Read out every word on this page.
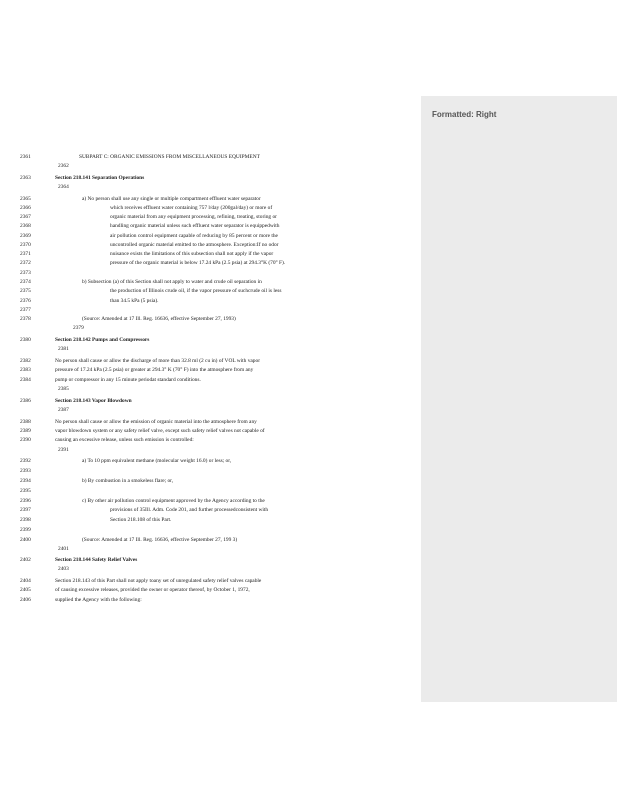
2361	SUBPART C: ORGANIC EMISSIONS FROM MISCELLANEOUS EQUIPMENT
2362
2363	Section 218.141 Separation Operations
2364
2365	a) No person shall use any single or multiple compartment effluent water separator
2366	which receives effluent water containing 757 l/day (200gal/day) or more of
2367	organic material from any equipment processing, refining, treating, storing or
2368	handling organic material unless such effluent water separator is equippedwith
2369	air pollution control equipment capable of reducing by 85 percent or more the
2370	uncontrolled organic material emitted to the atmosphere. Exception:If no odor
2371	nuisance exists the limitations of this subsection shall not apply if the vapor
2372	pressure of the organic material is below 17.24 kPa (2.5 psia) at 294.3°K (70° F).
2373
2374	b) Subsection (a) of this Section shall not apply to water and crude oil separation in
2375	the production of Illinois crude oil, if the vapor pressure of suchcrude oil is less
2376	than 34.5 kPa (5 psia).
2377
2378	(Source: Amended at 17 Ill. Reg. 16636, effective September 27, 1993)
2379
2380	Section 218.142 Pumps and Compressors
2381
2382	No person shall cause or allow the discharge of more than 32.8 ml (2 cu in) of VOL with vapor
2383	pressure of 17.24 kPa (2.5 psia) or greater at 294.3° K (70° F) into the atmosphere from any
2384	pump or compressor in any 15 minute periodat standard conditions.
2385
2386	Section 218.143 Vapor Blowdown
2387
2388	No person shall cause or allow the emission of organic material into the atmosphere from any
2389	vapor blowdown system or any safety relief valve, except such safety relief valves not capable of
2390	causing an excessive release, unless such emission is controlled:
2391
2392	a) To 10 ppm equivalent methane (molecular weight 16.0) or less; or,
2393
2394	b) By combustion in a smokeless flare; or,
2395
2396	c) By other air pollution control equipment approved by the Agency according to the
2397	provisions of 35Ill. Adm. Code 201, and further processedconsistent with
2398	Section 218.108 of this Part.
2399
2400	(Source: Amended at 17 Ill. Reg. 16636, effective September 27, 199 3)
2401
2402	Section 218.144 Safety Relief Valves
2403
2404	Section 218.143 of this Part shall not apply toany set of unregulated safety relief valves capable
2405	of causing excessive releases, provided the owner or operator thereof, by October 1, 1972,
2406	supplied the Agency with the following:
Formatted: Right
